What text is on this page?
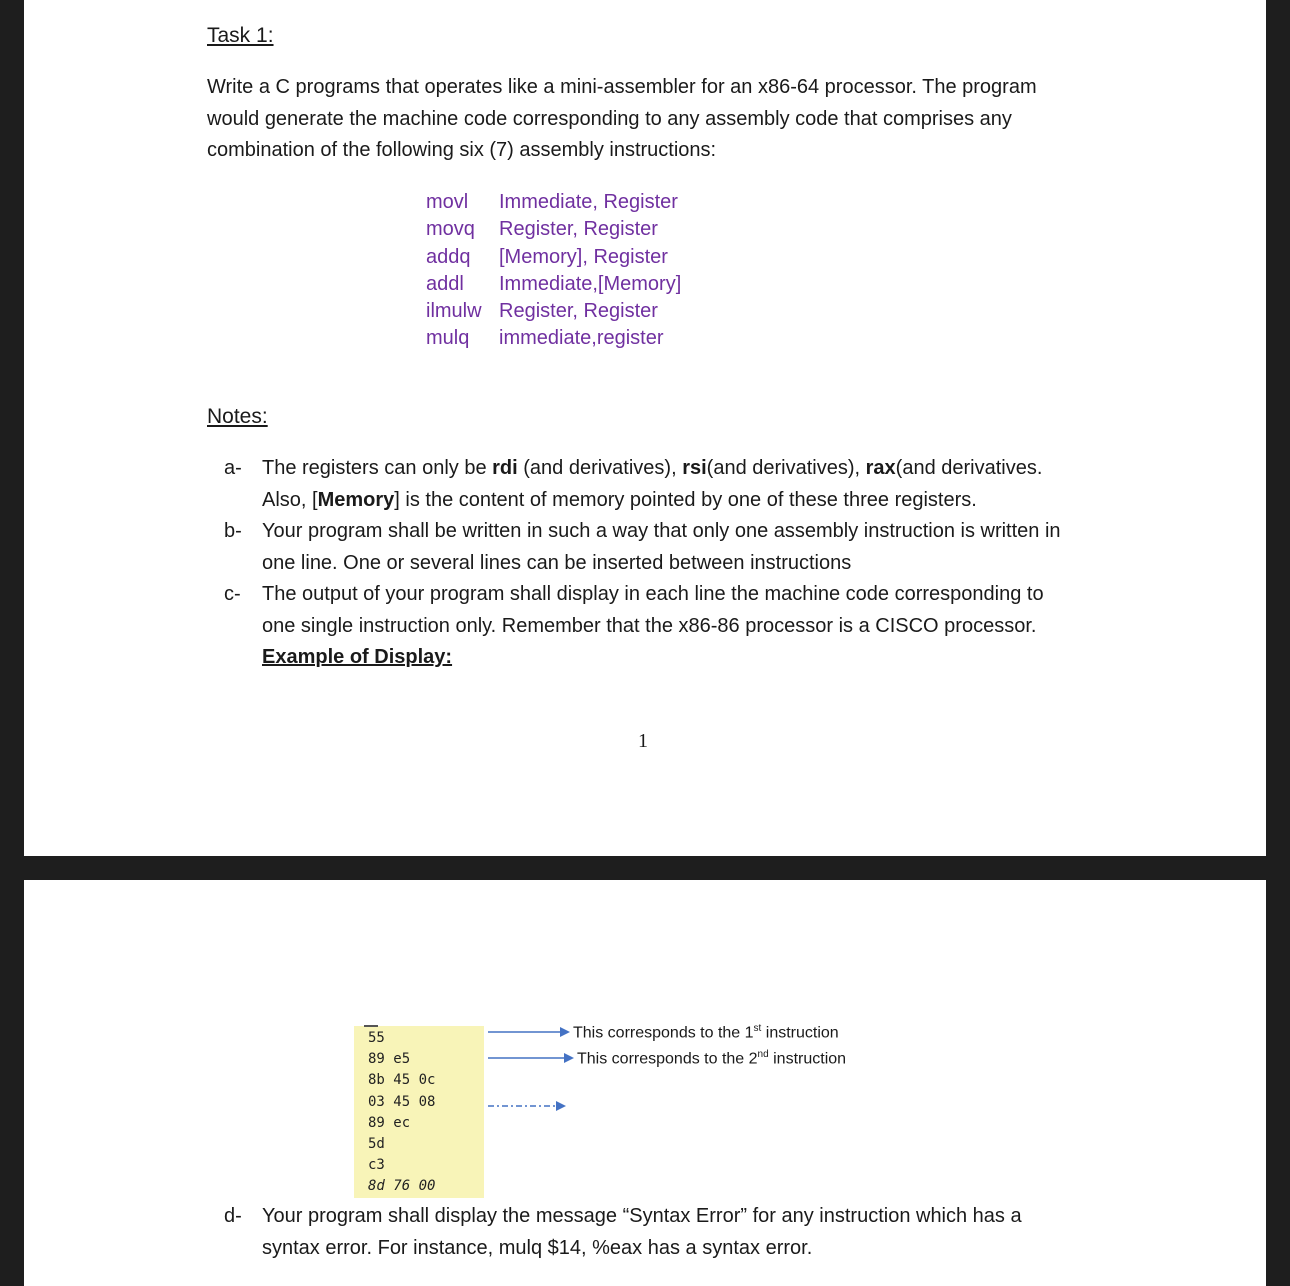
Task 1:
Write a C programs that operates like a mini-assembler for an x86-64 processor. The program
would generate the machine code corresponding to any assembly code that comprises any
combination of the following six (7) assembly instructions:
movl Immediate, Register
movq Register, Register
addq [Memory], Register
addl Immediate,[Memory]
ilmulw Register, Register
mulq immediate,register
Notes:
a-	The registers can only be rdi (and derivatives), rsi(and derivatives), rax(and derivatives.
Also, [Memory] is the content of memory pointed by one of these three registers.
b-	Your program shall be written in such a way that only one assembly instruction is written in
one line. One or several lines can be inserted between instructions
c-	The output of your program shall display in each line the machine code corresponding to
one single instruction only. Remember that the x86-86 processor is a CISCO processor.
Example of Display:
1
55
89 e5
8b 45 0c
03 45 08
89 ec
5d
c3
8d 76 00
This corresponds to the 1st instruction
This corresponds to the 2nd instruction
d-	Your program shall display the message “Syntax Error” for any instruction which has a
syntax error. For instance, mulq $14, %eax has a syntax error.
